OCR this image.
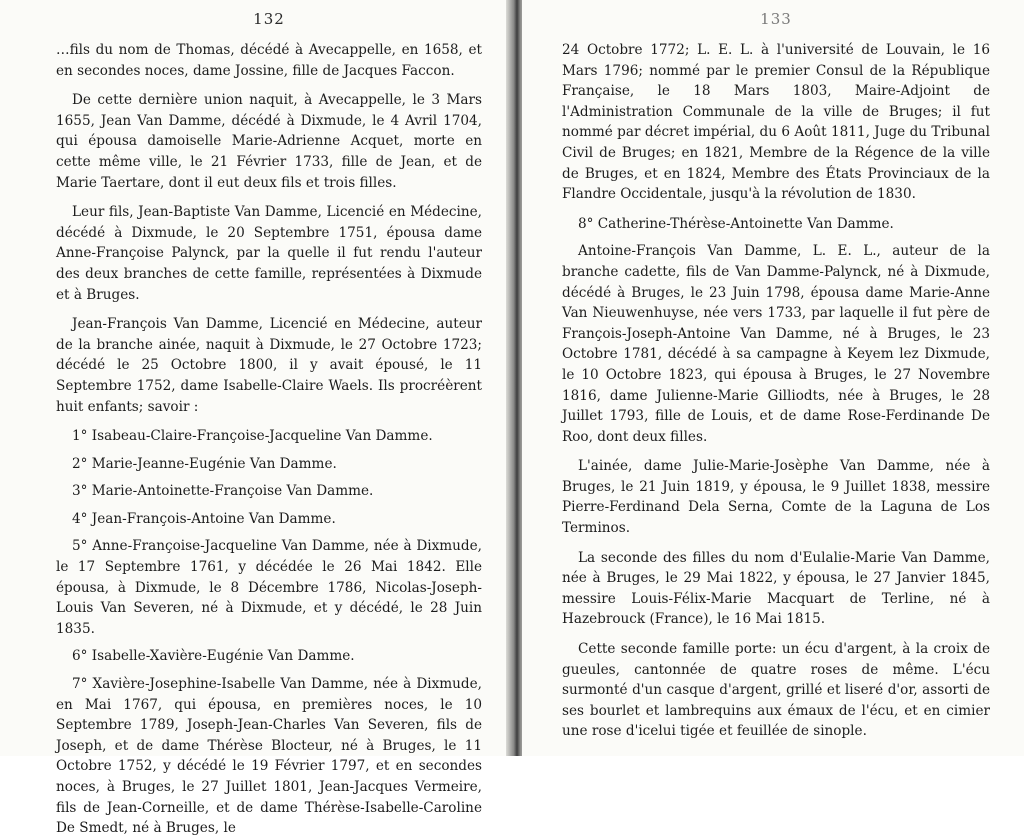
132

…fils du nom de Thomas, décédé à Avecappelle, en 1658, et en secondes noces, dame Jossine, fille de Jacques Faccon.

De cette dernière union naquit, à Avecappelle, le 3 Mars 1655, Jean Van Damme, décédé à Dixmude, le 4 Avril 1704, qui épousa damoiselle Marie-Adrienne Acquet, morte en cette même ville, le 21 Février 1733, fille de Jean, et de Marie Taertare, dont il eut deux fils et trois filles.

Leur fils, Jean-Baptiste Van Damme, Licencié en Médecine, décédé à Dixmude, le 20 Septembre 1751, épousa dame Anne-Françoise Palynck, par la quelle il fut rendu l'auteur des deux branches de cette famille, représentées à Dixmude et à Bruges.

Jean-François Van Damme, Licencié en Médecine, auteur de la branche ainée, naquit à Dixmude, le 27 Octobre 1723; décédé le 25 Octobre 1800, il y avait épousé, le 11 Septembre 1752, dame Isabelle-Claire Waels. Ils procréèrent huit enfants; savoir :

1° Isabeau-Claire-Françoise-Jacqueline Van Damme.

2° Marie-Jeanne-Eugénie Van Damme.

3° Marie-Antoinette-Françoise Van Damme.

4° Jean-François-Antoine Van Damme.

5° Anne-Françoise-Jacqueline Van Damme, née à Dixmude, le 17 Septembre 1761, y décédée le 26 Mai 1842. Elle épousa, à Dixmude, le 8 Décembre 1786, Nicolas-Joseph-Louis Van Severen, né à Dixmude, et y décédé, le 28 Juin 1835.

6° Isabelle-Xavière-Eugénie Van Damme.

7° Xavière-Josephine-Isabelle Van Damme, née à Dixmude, en Mai 1767, qui épousa, en premières noces, le 10 Septembre 1789, Joseph-Jean-Charles Van Severen, fils de Joseph, et de dame Thérèse Blocteur, né à Bruges, le 11 Octobre 1752, y décédé le 19 Février 1797, et en secondes noces, à Bruges, le 27 Juillet 1801, Jean-Jacques Vermeire, fils de Jean-Corneille, et de dame Thérèse-Isabelle-Caroline De Smedt, né à Bruges, le

133

24 Octobre 1772; L. E. L. à l'université de Louvain, le 16 Mars 1796; nommé par le premier Consul de la République Française, le 18 Mars 1803, Maire-Adjoint de l'Administration Communale de la ville de Bruges; il fut nommé par décret impérial, du 6 Août 1811, Juge du Tribunal Civil de Bruges; en 1821, Membre de la Régence de la ville de Bruges, et en 1824, Membre des États Provinciaux de la Flandre Occidentale, jusqu'à la révolution de 1830.

8° Catherine-Thérèse-Antoinette Van Damme.

Antoine-François Van Damme, L. E. L., auteur de la branche cadette, fils de Van Damme-Palynck, né à Dixmude, décédé à Bruges, le 23 Juin 1798, épousa dame Marie-Anne Van Nieuwenhuyse, née vers 1733, par laquelle il fut père de François-Joseph-Antoine Van Damme, né à Bruges, le 23 Octobre 1781, décédé à sa campagne à Keyem lez Dixmude, le 10 Octobre 1823, qui épousa à Bruges, le 27 Novembre 1816, dame Julienne-Marie Gilliodts, née à Bruges, le 28 Juillet 1793, fille de Louis, et de dame Rose-Ferdinande De Roo, dont deux filles.

L'ainée, dame Julie-Marie-Josèphe Van Damme, née à Bruges, le 21 Juin 1819, y épousa, le 9 Juillet 1838, messire Pierre-Ferdinand Dela Serna, Comte de la Laguna de Los Terminos.

La seconde des filles du nom d'Eulalie-Marie Van Damme, née à Bruges, le 29 Mai 1822, y épousa, le 27 Janvier 1845, messire Louis-Félix-Marie Macquart de Terline, né à Hazebrouck (France), le 16 Mai 1815.

Cette seconde famille porte: un écu d'argent, à la croix de gueules, cantonnée de quatre roses de même. L'écu surmonté d'un casque d'argent, grillé et liseré d'or, assorti de ses bourlet et lambrequins aux émaux de l'écu, et en cimier une rose d'icelui tigée et feuillée de sinople.
